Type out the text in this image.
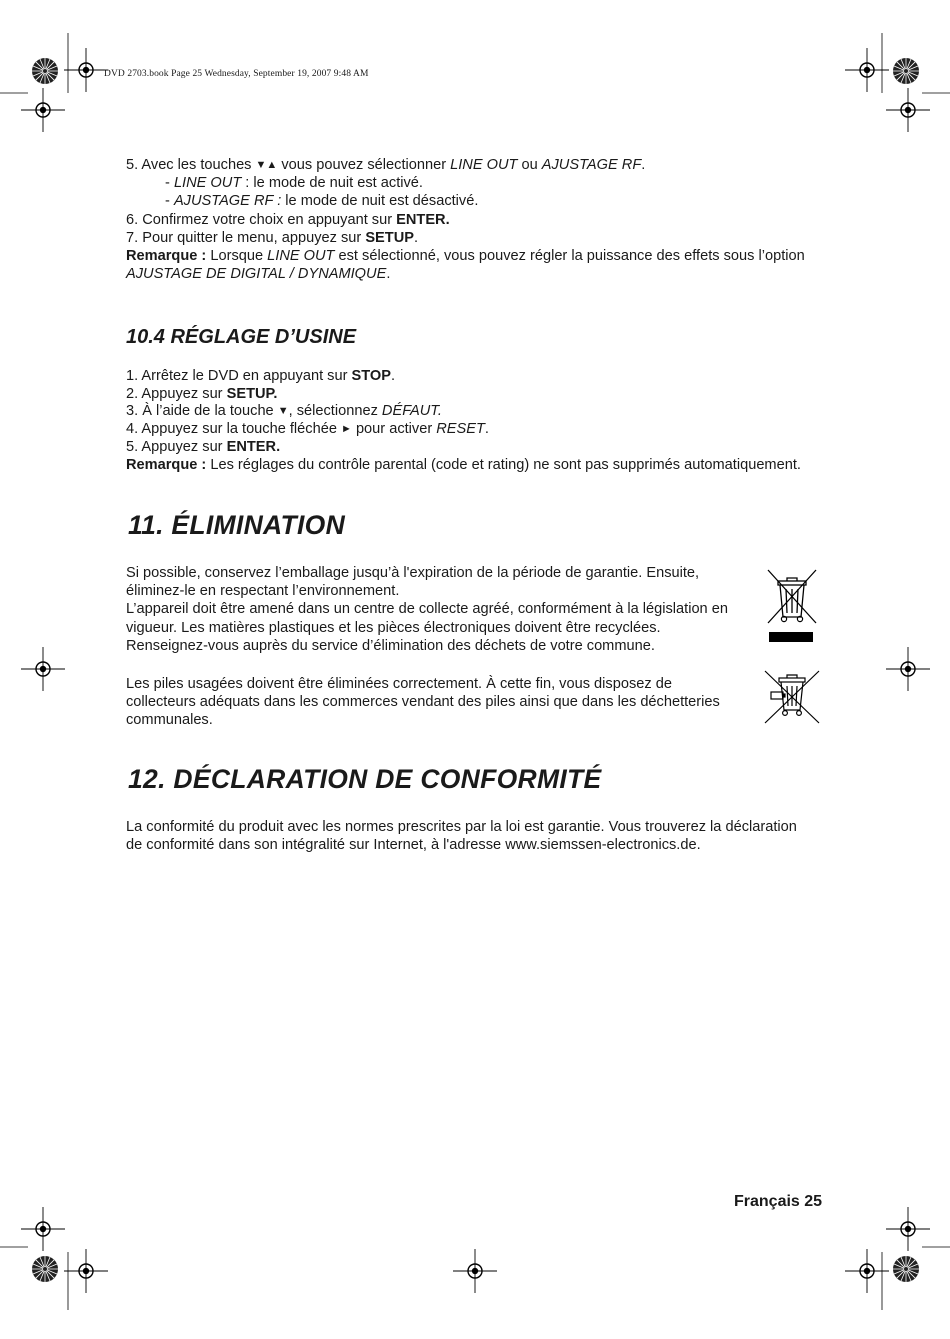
DVD 2703.book Page 25 Wednesday, September 19, 2007 9:48 AM
5. Avec les touches ▼▲ vous pouvez sélectionner LINE OUT ou AJUSTAGE RF.
- LINE OUT : le mode de nuit est activé.
- AJUSTAGE RF : le mode de nuit est désactivé.
6. Confirmez votre choix en appuyant sur ENTER.
7. Pour quitter le menu, appuyez sur SETUP.
Remarque : Lorsque LINE OUT est sélectionné, vous pouvez régler la puissance des effets sous l’option
AJUSTAGE DE DIGITAL / DYNAMIQUE.
10.4 RÉGLAGE D’USINE
1. Arrêtez le DVD en appuyant sur STOP.
2. Appuyez sur SETUP.
3. À l’aide de la touche ▼, sélectionnez DÉFAUT.
4. Appuyez sur la touche fléchée ► pour activer RESET.
5. Appuyez sur ENTER.
Remarque : Les réglages du contrôle parental (code et rating) ne sont pas supprimés automatiquement.
11. ÉLIMINATION
Si possible, conservez l’emballage jusqu’à l'expiration de la période de garantie. Ensuite,
éliminez-le en respectant l’environnement.
L’appareil doit être amené dans un centre de collecte agréé, conformément à la législation en
vigueur. Les matières plastiques et les pièces électroniques doivent être recyclées.
Renseignez-vous auprès du service d’élimination des déchets de votre commune.
Les piles usagées doivent être éliminées correctement. À cette fin, vous disposez de
collecteurs adéquats dans les commerces vendant des piles ainsi que dans les déchetteries
communales.
12. DÉCLARATION DE CONFORMITÉ
La conformité du produit avec les normes prescrites par la loi est garantie. Vous trouverez la déclaration
de conformité dans son intégralité sur Internet, à l'adresse www.siemssen-electronics.de.
Français 25
